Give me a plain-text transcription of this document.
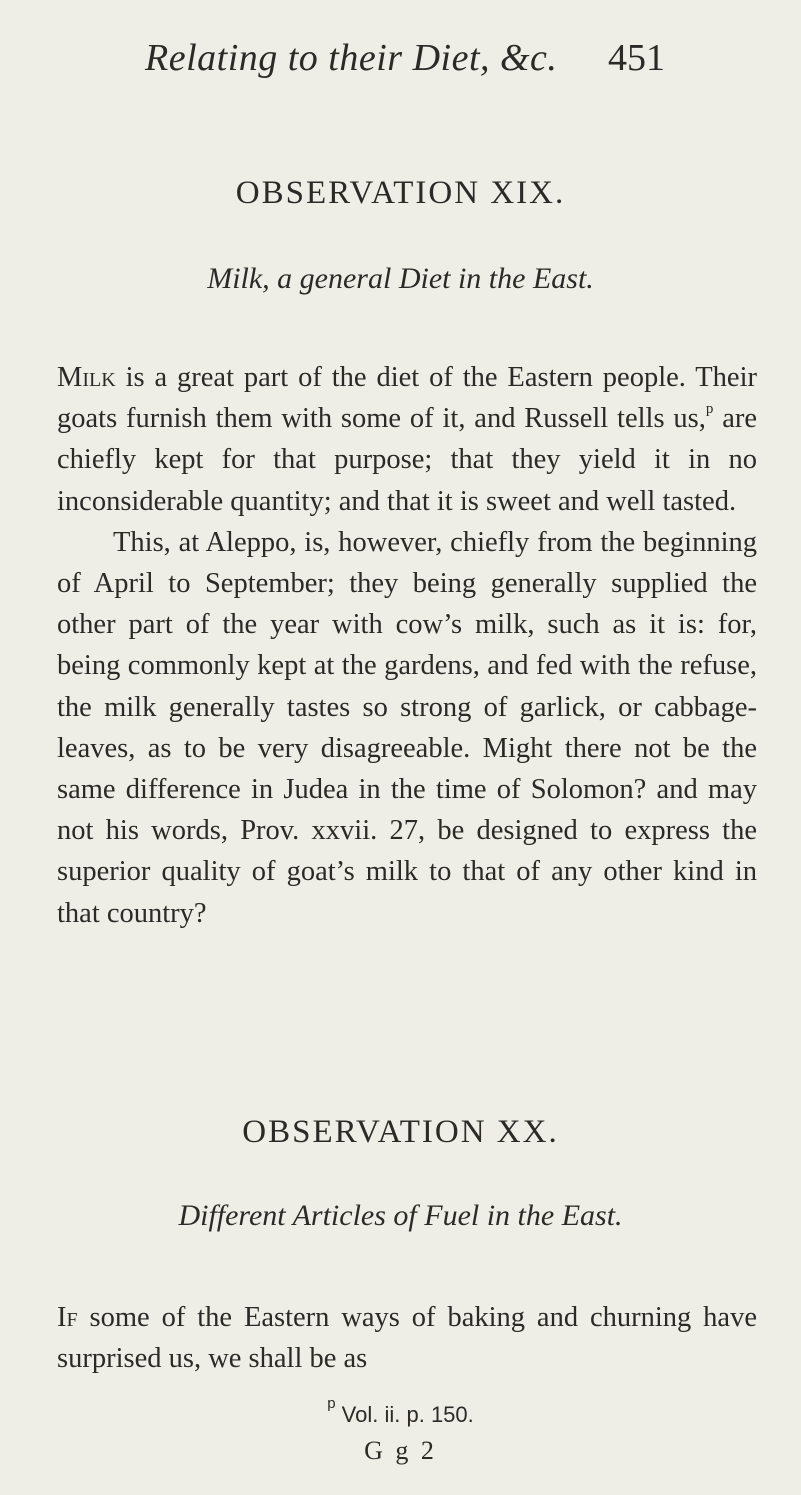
Relating to their Diet, &c. 451
OBSERVATION XIX.
Milk, a general Diet in the East.

Milk is a great part of the diet of the Eastern people. Their goats furnish them with some of it, and Russell tells us,$^p$ are chiefly kept for that purpose; that they yield it in no inconsiderable quantity; and that it is sweet and well tasted.

This, at Aleppo, is, however, chiefly from the beginning of April to September; they being generally supplied the other part of the year with cow’s milk, such as it is: for, being commonly kept at the gardens, and fed with the refuse, the milk generally tastes so strong of garlick, or cabbage-leaves, as to be very disagreeable. Might there not be the same difference in Judea in the time of Solomon? and may not his words, Prov. xxvii. 27, be designed to express the superior quality of goat’s milk to that of any other kind in that country?

OBSERVATION XX.
Different Articles of Fuel in the East.

If some of the Eastern ways of baking and churning have surprised us, we shall be as

$^p$ Vol. ii. p. 150.
G g 2
